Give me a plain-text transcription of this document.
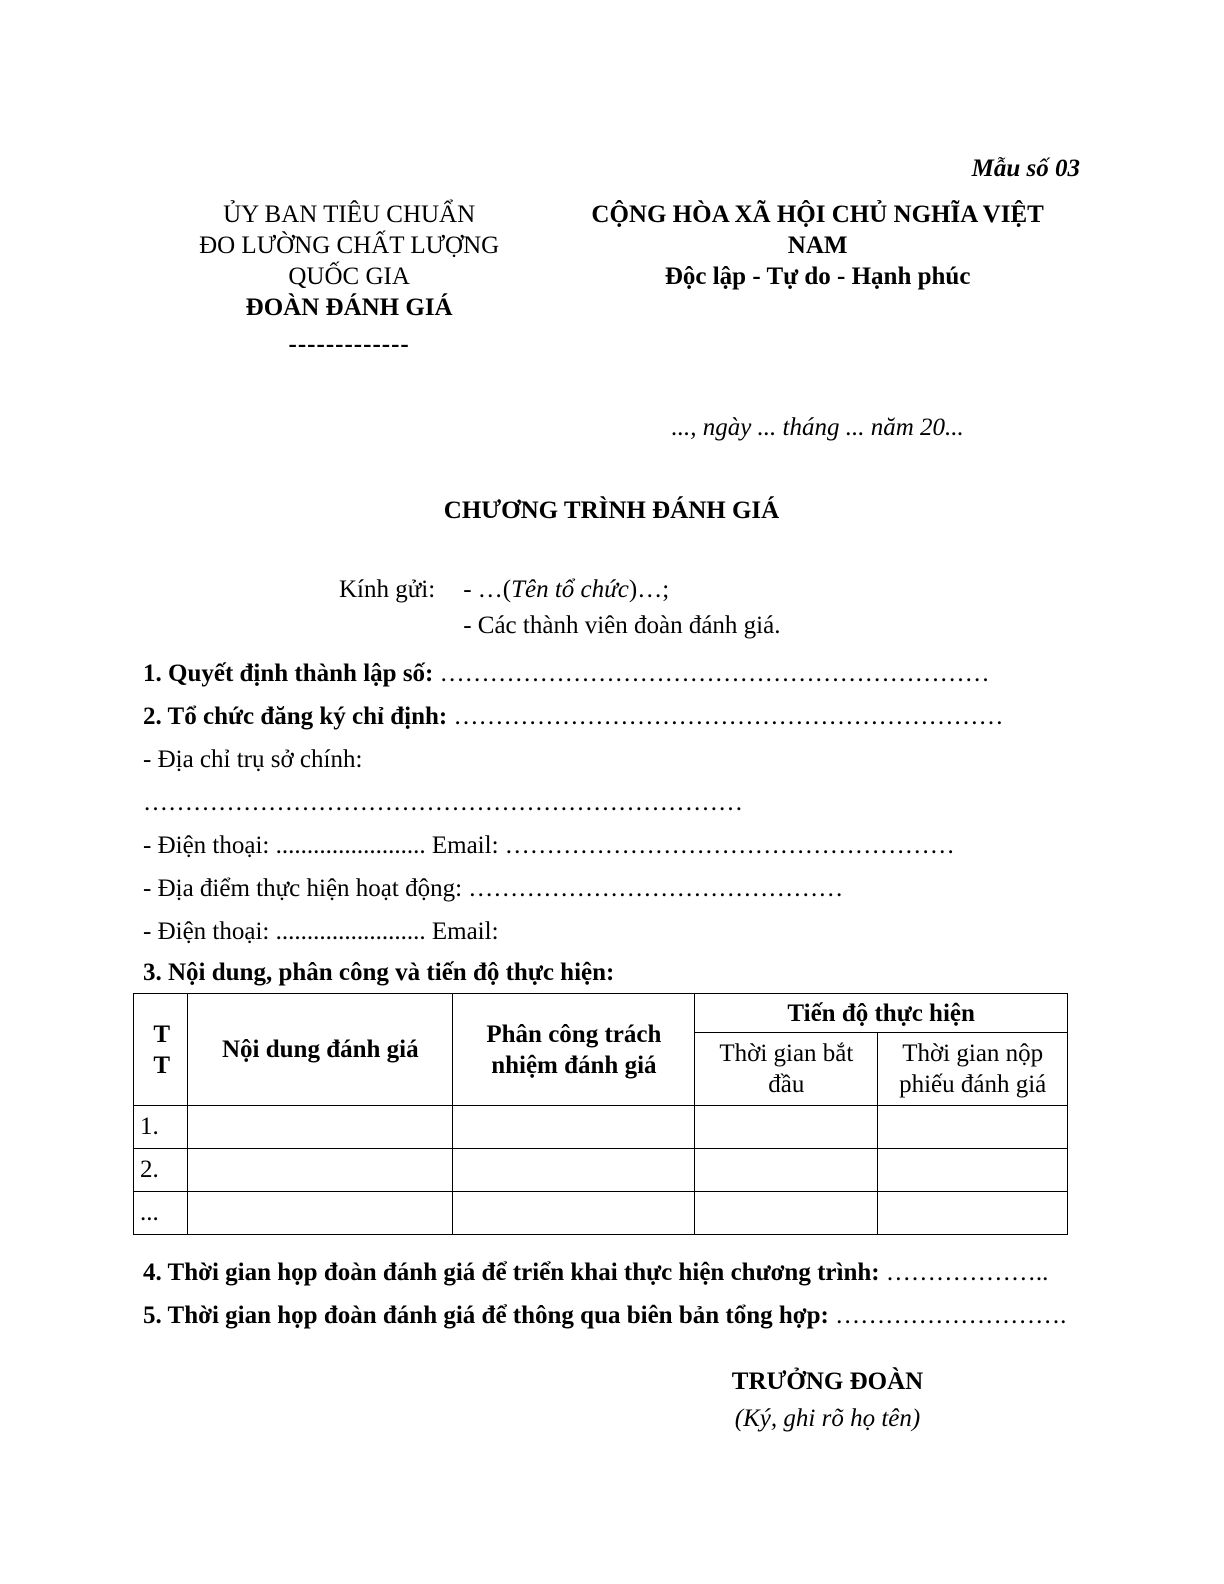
Mẫu số 03
ỦY BAN TIÊU CHUẨN
ĐO LƯỜNG CHẤT LƯỢNG
QUỐC GIA
ĐOÀN ĐÁNH GIÁ
-------------
CỘNG HÒA XÃ HỘI CHỦ NGHĨA VIỆT
NAM
Độc lập - Tự do - Hạnh phúc
..., ngày ... tháng ... năm 20...
CHƯƠNG TRÌNH ĐÁNH GIÁ
Kính gửi: - …(Tên tổ chức)…;
- Các thành viên đoàn đánh giá.

1. Quyết định thành lập số: …………………………………………………………

2. Tổ chức đăng ký chỉ định: …………………………………………………………

- Địa chỉ trụ sở chính:

………………………………………………………………

- Điện thoại: ........................ Email: ………………………………………………

- Địa điểm thực hiện hoạt động: ………………………………………

- Điện thoại: ........................ Email:

3. Nội dung, phân công và tiến độ thực hiện:

TT	Nội dung đánh giá	Phân công trách nhiệm đánh giá	Tiến độ thực hiện	
			Thời gian bắt đầu	Thời gian nộp phiếu đánh giá
1.				
2.				
...				

4. Thời gian họp đoàn đánh giá để triển khai thực hiện chương trình: ………………..

5. Thời gian họp đoàn đánh giá để thông qua biên bản tổng hợp: ……………………….

TRƯỞNG ĐOÀN
(Ký, ghi rõ họ tên)
